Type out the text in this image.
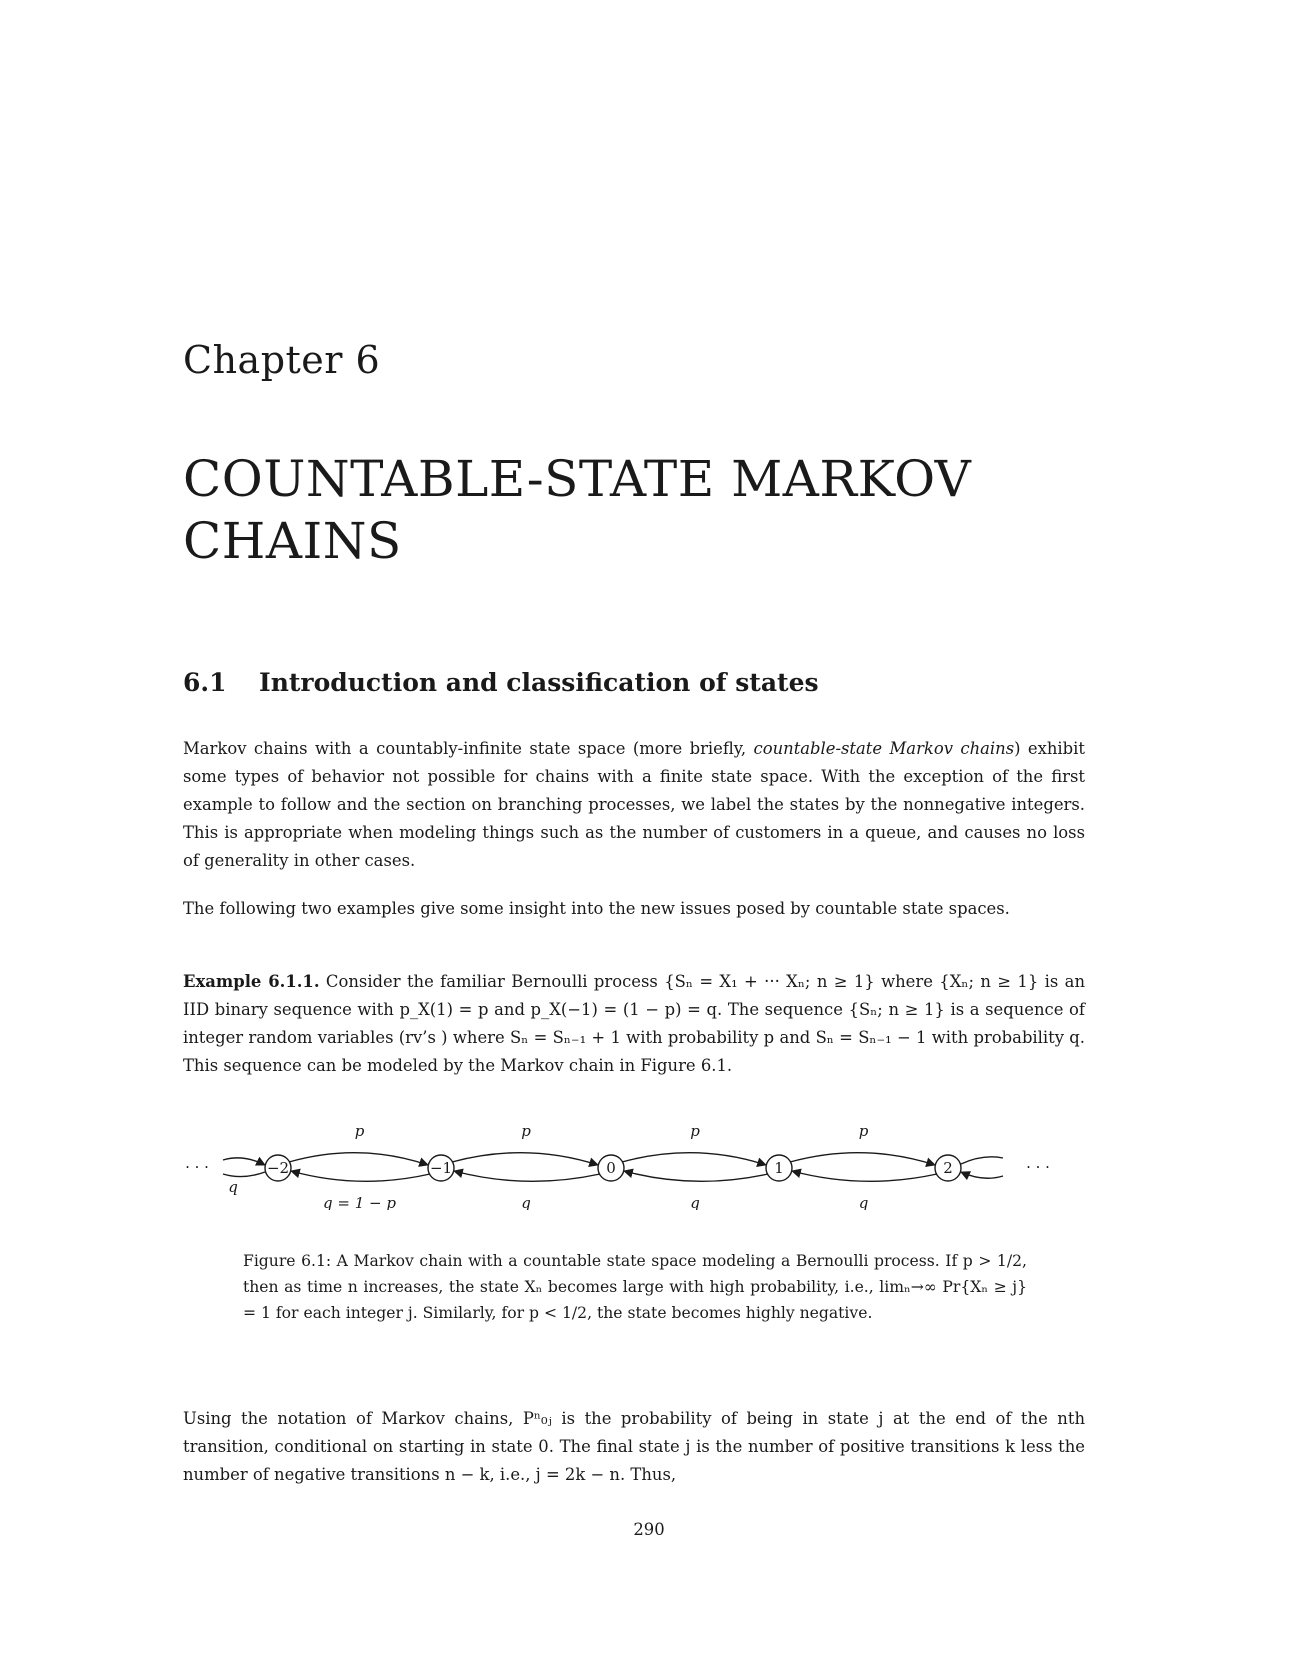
Chapter 6
COUNTABLE-STATE MARKOV CHAINS
6.1 Introduction and classification of states
Markov chains with a countably-infinite state space (more briefly, countable-state Markov chains) exhibit some types of behavior not possible for chains with a finite state space. With the exception of the first example to follow and the section on branching processes, we label the states by the nonnegative integers. This is appropriate when modeling things such as the number of customers in a queue, and causes no loss of generality in other cases.
The following two examples give some insight into the new issues posed by countable state spaces.
Example 6.1.1. Consider the familiar Bernoulli process {Sₙ = X₁ + ··· Xₙ; n ≥ 1} where {Xₙ; n ≥ 1} is an IID binary sequence with p_X(1) = p and p_X(−1) = (1 − p) = q. The sequence {Sₙ; n ≥ 1} is a sequence of integer random variables (rv’s ) where Sₙ = Sₙ₋₁ + 1 with probability p and Sₙ = Sₙ₋₁ − 1 with probability q. This sequence can be modeled by the Markov chain in Figure 6.1.
−2	−1	0	1	2
p
q = 1 − p
p
q
p
q
p
q
q
· · ·	· · ·
Figure 6.1: A Markov chain with a countable state space modeling a Bernoulli process. If p > 1/2, then as time n increases, the state Xₙ becomes large with high probability, i.e., limₙ→∞ Pr{Xₙ ≥ j} = 1 for each integer j. Similarly, for p < 1/2, the state becomes highly negative.
Using the notation of Markov chains, Pⁿ₀ⱼ is the probability of being in state j at the end of the nth transition, conditional on starting in state 0. The final state j is the number of positive transitions k less the number of negative transitions n − k, i.e., j = 2k − n. Thus,
290
